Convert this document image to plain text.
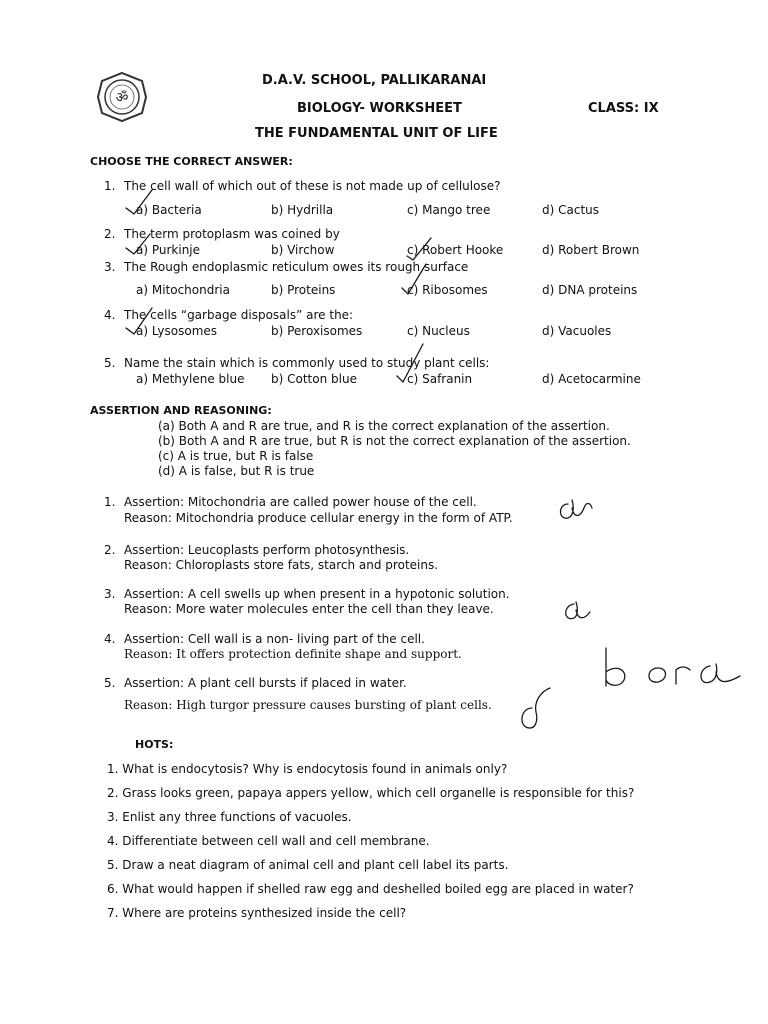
ॐ
D.A.V. SCHOOL, PALLIKARANAI
BIOLOGY- WORKSHEET	CLASS: IX
THE FUNDAMENTAL UNIT OF LIFE
CHOOSE THE CORRECT ANSWER:
1. The cell wall of which out of these is not made up of cellulose?
a) Bacteria	b) Hydrilla	c) Mango tree	d) Cactus
2. The term protoplasm was coined by
a) Purkinje	b) Virchow	c) Robert Hooke	d) Robert Brown
3. The Rough endoplasmic reticulum owes its rough surface
a) Mitochondria	b) Proteins	c) Ribosomes	d) DNA proteins
4. The cells “garbage disposals” are the:
a) Lysosomes	b) Peroxisomes	c) Nucleus	d) Vacuoles
5. Name the stain which is commonly used to study plant cells:
a) Methylene blue b) Cotton blue	c) Safranin	d) Acetocarmine
ASSERTION AND REASONING:
(a) Both A and R are true, and R is the correct explanation of the assertion.
(b) Both A and R are true, but R is not the correct explanation of the assertion.
(c) A is true, but R is false
(d) A is false, but R is true
1. Assertion: Mitochondria are called power house of the cell.
Reason: Mitochondria produce cellular energy in the form of ATP.
2. Assertion: Leucoplasts perform photosynthesis.
Reason: Chloroplasts store fats, starch and proteins.
3. Assertion: A cell swells up when present in a hypotonic solution.
Reason: More water molecules enter the cell than they leave.
4. Assertion: Cell wall is a non- living part of the cell.
Reason: It offers protection definite shape and support.
5. Assertion: A plant cell bursts if placed in water.
Reason: High turgor pressure causes bursting of plant cells.
HOTS:
1. What is endocytosis? Why is endocytosis found in animals only?
2. Grass looks green, papaya appers yellow, which cell organelle is responsible for this?
3. Enlist any three functions of vacuoles.
4. Differentiate between cell wall and cell membrane.
5. Draw a neat diagram of animal cell and plant cell label its parts.
6. What would happen if shelled raw egg and deshelled boiled egg are placed in water?
7. Where are proteins synthesized inside the cell?
